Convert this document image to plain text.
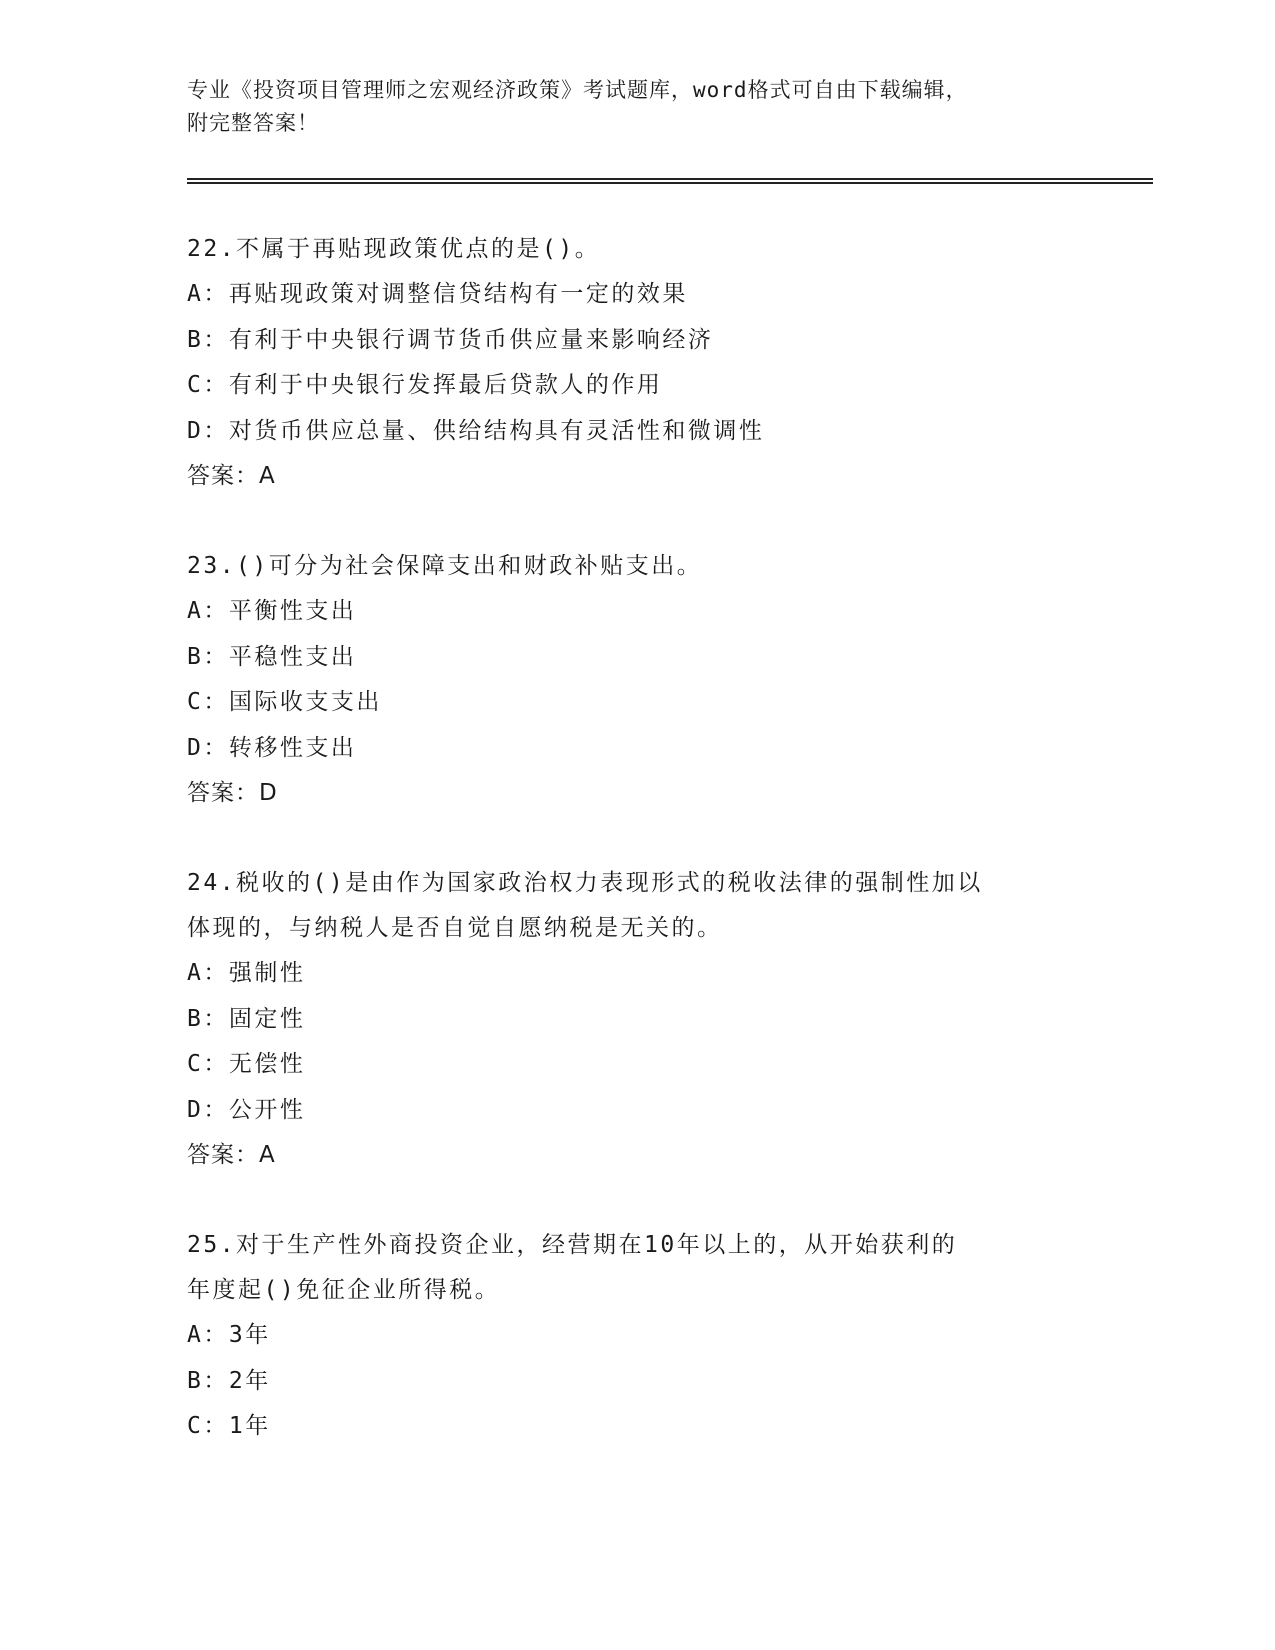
专业《投资项目管理师之宏观经济政策》考试题库，word格式可自由下载编辑，
附完整答案！

22.不属于再贴现政策优点的是()。

A：再贴现政策对调整信贷结构有一定的效果

B：有利于中央银行调节货币供应量来影响经济

C：有利于中央银行发挥最后贷款人的作用

D：对货币供应总量、供给结构具有灵活性和微调性

答案：A

23.()可分为社会保障支出和财政补贴支出。

A：平衡性支出

B：平稳性支出

C：国际收支支出

D：转移性支出

答案：D

24.税收的()是由作为国家政治权力表现形式的税收法律的强制性加以

体现的，与纳税人是否自觉自愿纳税是无关的。

A：强制性

B：固定性

C：无偿性

D：公开性

答案：A

25.对于生产性外商投资企业，经营期在10年以上的，从开始获利的

年度起()免征企业所得税。

A：3年

B：2年

C：1年
